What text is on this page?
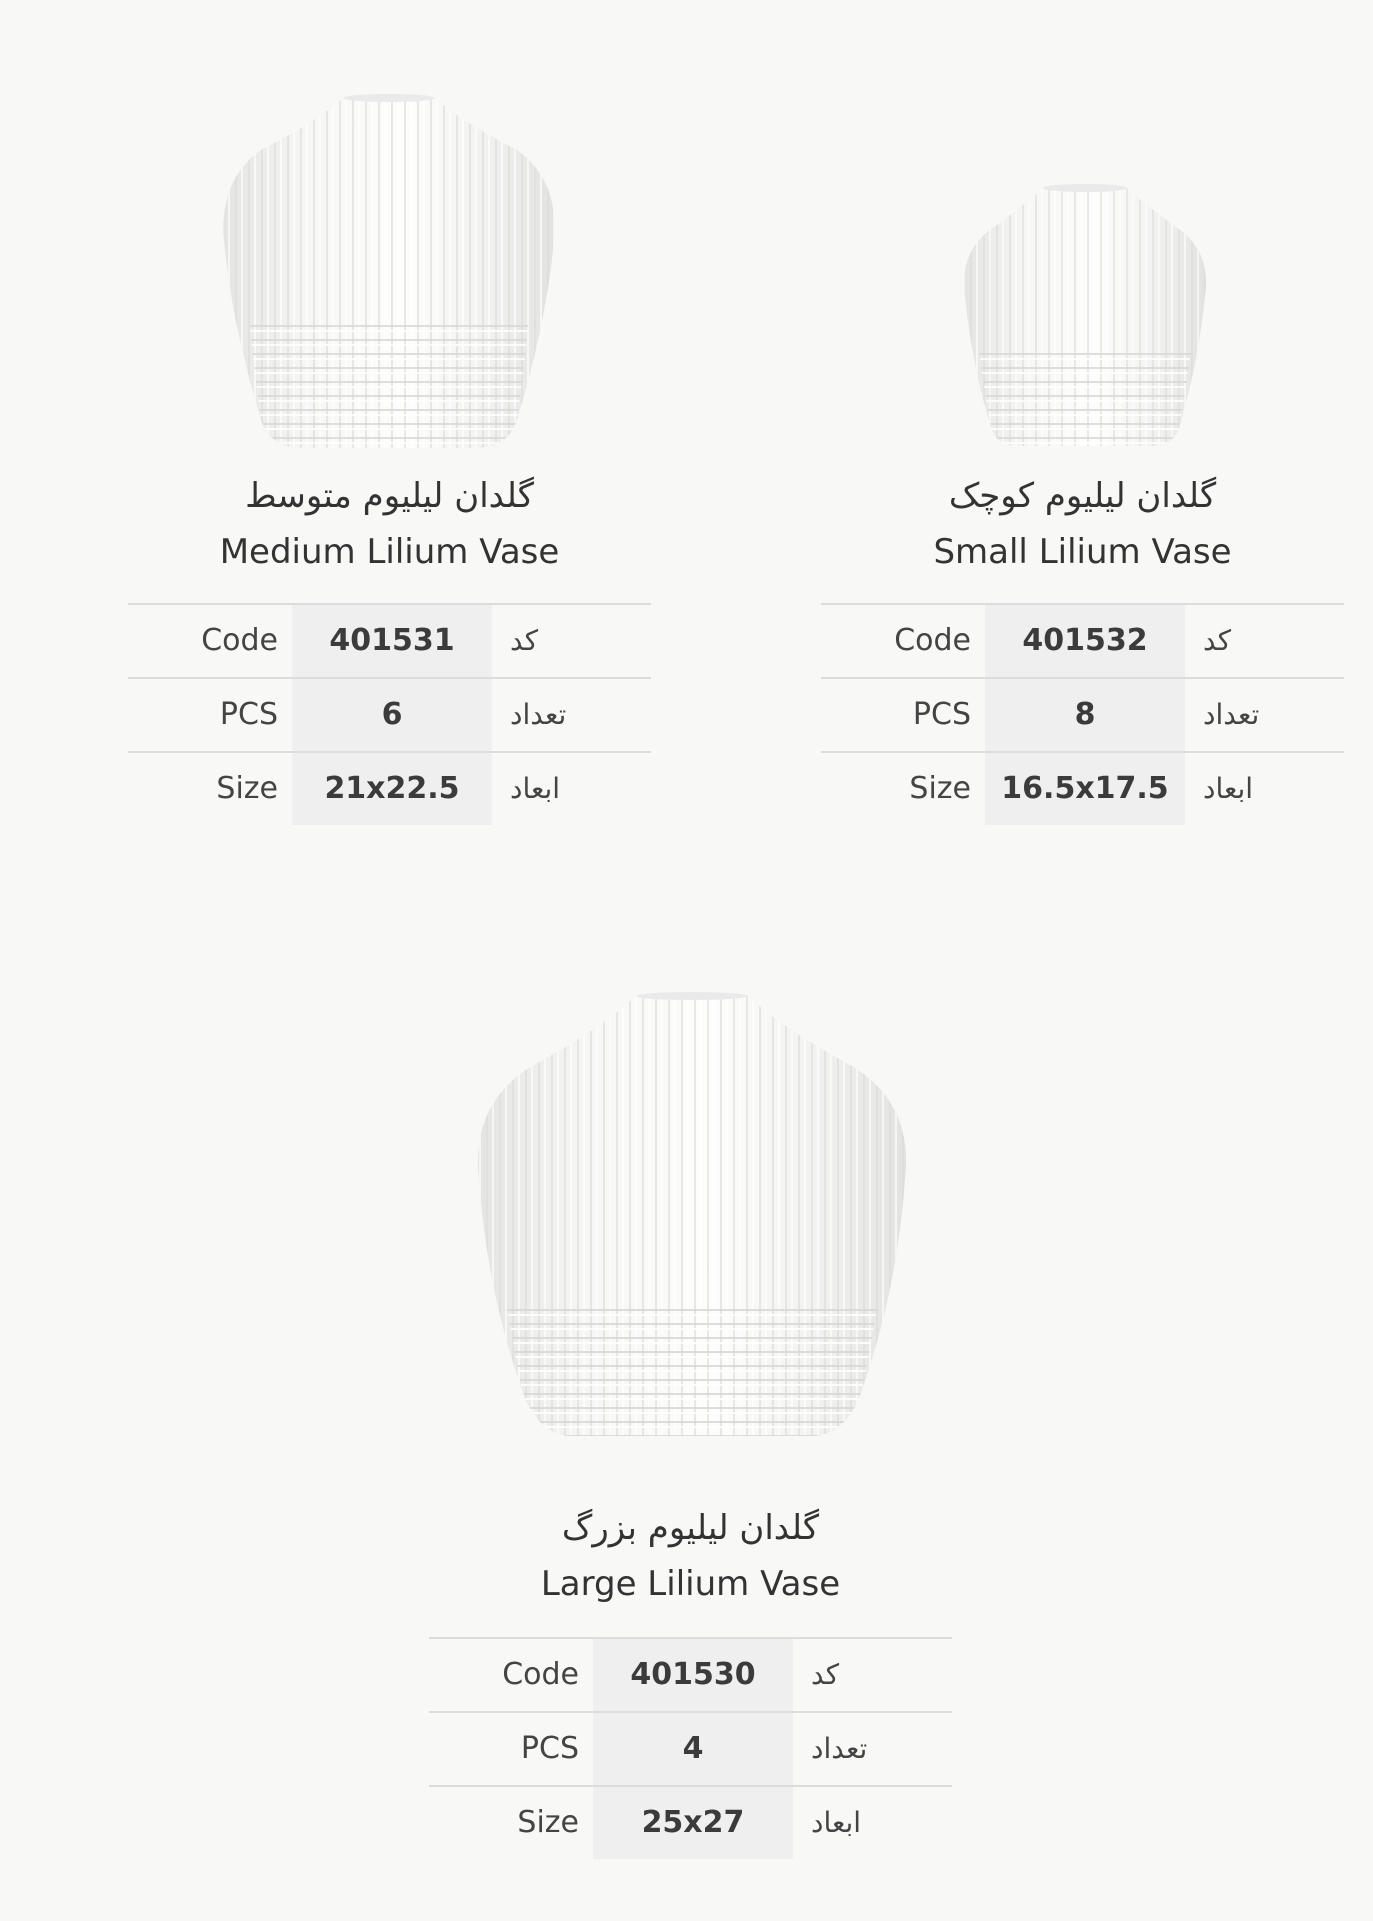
گلدان لیلیوم متوسط
Medium Lilium Vase
Code	401531	کد
PCS	6	تعداد
Size	21x22.5	ابعاد
گلدان لیلیوم کوچک
Small Lilium Vase
Code	401532	کد
PCS	8	تعداد
Size	16.5x17.5	ابعاد
گلدان لیلیوم بزرگ
Large Lilium Vase
Code	401530	کد
PCS	4	تعداد
Size	25x27	ابعاد
